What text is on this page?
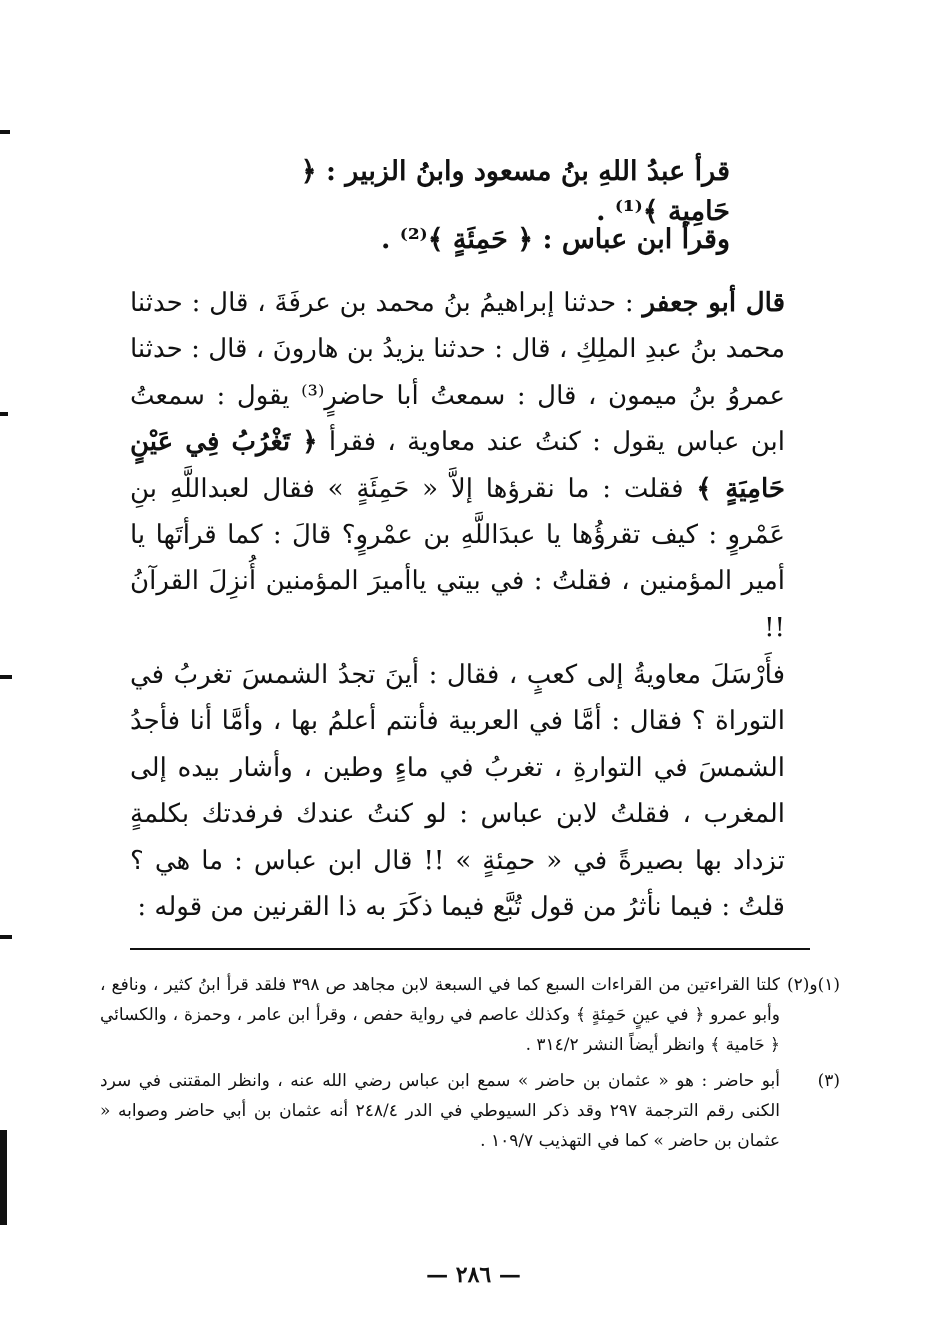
قرأ عبدُ اللهِ بنُ مسعود وابنُ الزبير : ﴿ حَامِية ﴾⁽¹⁾ .
وقرأ ابن عباس : ﴿ حَمِئَةٍ ﴾⁽²⁾ .

قال أبو جعفر : حدثنا إبراهيمُ بنُ محمد بن عرفَةَ ، قال : حدثنا محمد بنُ عبدِ الملِكِ ، قال : حدثنا يزيدُ بن هارونَ ، قال : حدثنا عمروُ بنُ ميمون ، قال : سمعتُ أبا حاضرٍ⁽³⁾ يقول : سمعتُ ابن عباس يقول : كنتُ عند معاوية ، فقرأ ﴿ تَغْرُبُ فِي عَيْنٍ حَامِيَةٍ ﴾ فقلت : ما نقرؤها إلاَّ « حَمِئَةٍ » فقال لعبداللَّهِ بنِ عَمْروٍ : كيف تقرؤُها يا عبدَاللَّهِ بن عمْروٍ؟ قالَ : كما قرأتَها يا أمير المؤمنين ، فقلتُ : في بيتي ياأميرَ المؤمنين أُنزِلَ القرآنُ !!

فأَرْسَلَ معاويةُ إلى كعبٍ ، فقال : أينَ تجدُ الشمسَ تغربُ في التوراة ؟ فقال : أمَّا في العربية فأنتم أعلمُ بها ، وأمَّا أنا فأجدُ الشمسَ في التوارةِ ، تغربُ في ماءٍ وطين ، وأشار بيده إلى المغرب ، فقلتُ لابن عباس : لو كنتُ عندك فرفدتك بكلمةٍ تزداد بها بصيرةً في « حمِئةٍ » !! قال ابن عباس : ما هي ؟ قلتُ : فيما نأثرُ من قول تُبَّع فيما ذكَرَ به ذا القرنين من قوله :

(١)و(٢)
كلتا القراءتين من القراءات السبع كما في السبعة لابن مجاهد ص ٣٩٨ فلقد قرأ ابنُ كثير ، ونافع ، وأبو عمرو ﴿ في عينٍ حَمِئةٍ ﴾ وكذلك عاصم في رواية حفص ، وقرأ ابن عامر ، وحمزة ، والكسائي ﴿ حَامية ﴾ وانظر أيضاً النشر ٣١٤/٢ .
(٣)
أبو حاضر : هو « عثمان بن حاضر » سمع ابن عباس رضي الله عنه ، وانظر المقتنى في سرد الكنى رقم الترجمة ٢٩٧ وقد ذكر السيوطي في الدر ٢٤٨/٤ أنه عثمان بن أبي حاضر وصوابه « عثمان بن حاضر » كما في التهذيب ١٠٩/٧ .
— ٢٨٦ —
